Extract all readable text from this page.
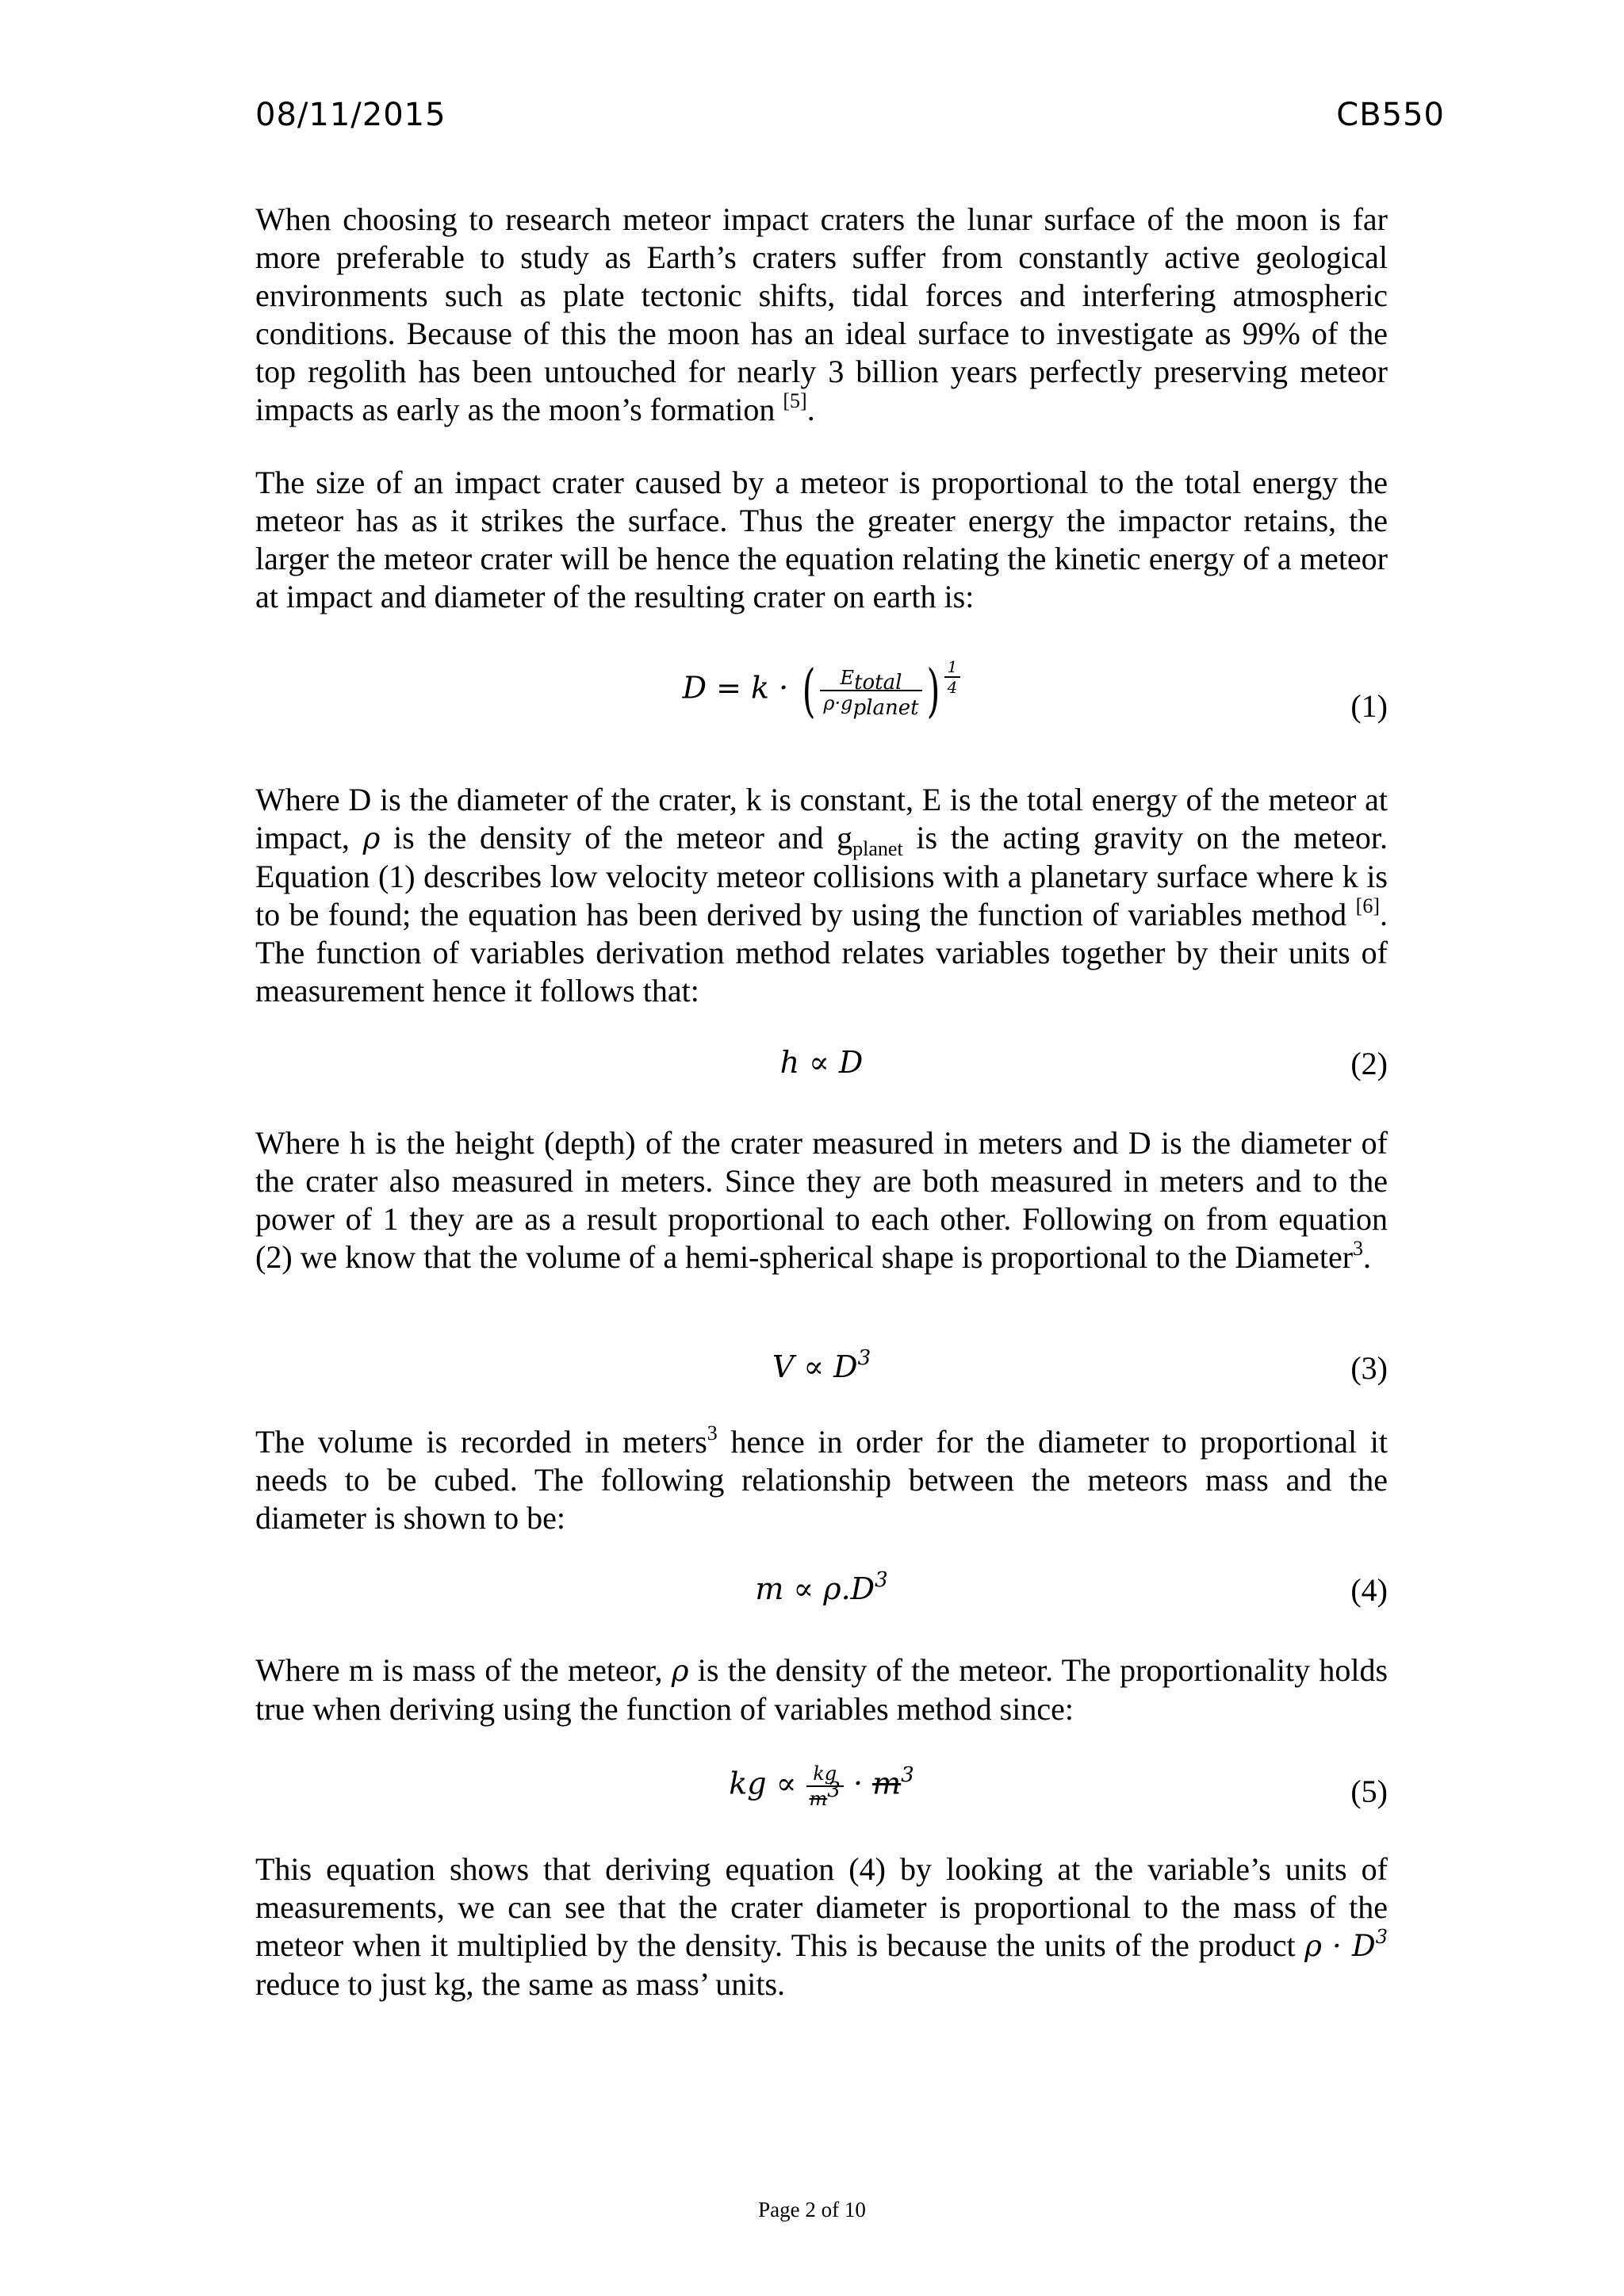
08/11/2015	CB550

When choosing to research meteor impact craters the lunar surface of the moon is far more preferable to study as Earth’s craters suffer from constantly active geological environments such as plate tectonic shifts, tidal forces and interfering atmospheric conditions. Because of this the moon has an ideal surface to investigate as 99% of the top regolith has been untouched for nearly 3 billion years perfectly preserving meteor impacts as early as the moon’s formation [5].

The size of an impact crater caused by a meteor is proportional to the total energy the meteor has as it strikes the surface. Thus the greater energy the impactor retains, the larger the meteor crater will be hence the equation relating the kinetic energy of a meteor at impact and diameter of the resulting crater on earth is:

D = k · ( $\frac{E_{total}}{\rho\cdot g_{planet}}$ ) $\frac{1}{4}$
(1)

Where D is the diameter of the crater, k is constant, E is the total energy of the meteor at impact, ρ is the density of the meteor and $g_{planet}$ is the acting gravity on the meteor. Equation (1) describes low velocity meteor collisions with a planetary surface where k is to be found; the equation has been derived by using the function of variables method [6]. The function of variables derivation method relates variables together by their units of measurement hence it follows that:

h ∝ D	(2)

Where h is the height (depth) of the crater measured in meters and D is the diameter of the crater also measured in meters. Since they are both measured in meters and to the power of 1 they are as a result proportional to each other. Following on from equation (2) we know that the volume of a hemi-spherical shape is proportional to the Diameter$^3$.

$V \propto D^3$	(3)

The volume is recorded in meters$^3$ hence in order for the diameter to proportional it needs to be cubed. The following relationship between the meteors mass and the diameter is shown to be:

$m \propto \rho.D^3$	(4)

Where m is mass of the meteor, ρ is the density of the meteor. The proportionality holds true when deriving using the function of variables method since:

kg ∝ $\frac{kg}{m^3} \cdot m^3$	(5)

This equation shows that deriving equation (4) by looking at the variable’s units of measurements, we can see that the crater diameter is proportional to the mass of the meteor when it multiplied by the density. This is because the units of the product $\rho \cdot D^3$ reduce to just kg, the same as mass’ units.

Page 2 of 10
